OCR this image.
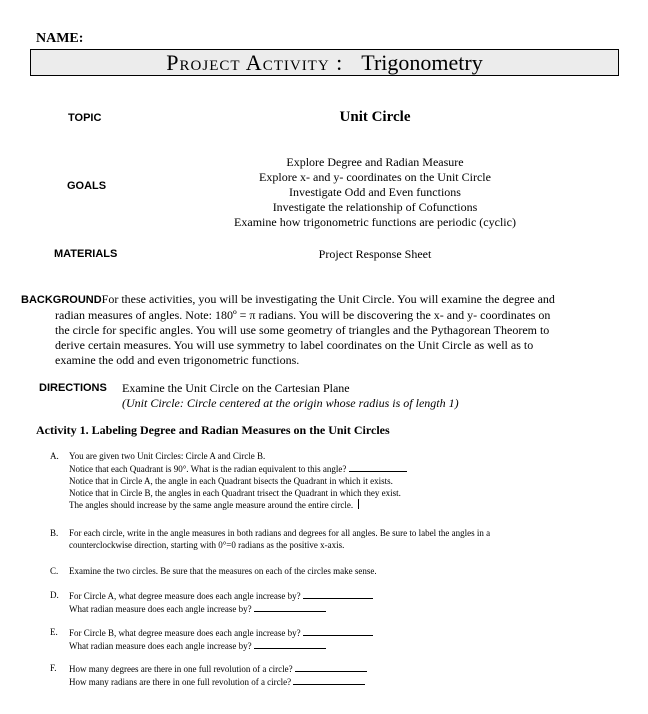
NAME:
Project Activity : Trigonometry
TOPIC	Unit Circle
GOALS
Explore Degree and Radian Measure
Explore x- and y- coordinates on the Unit Circle
Investigate Odd and Even functions
Investigate the relationship of Cofunctions
Examine how trigonometric functions are periodic (cyclic)
MATERIALS	Project Response Sheet
BACKGROUNDFor these activities, you will be investigating the Unit Circle. You will examine the degree and
radian measures of angles. Note: 180º = π radians. You will be discovering the x- and y- coordinates on
the circle for specific angles. You will use some geometry of triangles and the Pythagorean Theorem to
derive certain measures. You will use symmetry to label coordinates on the Unit Circle as well as to
examine the odd and even trigonometric functions.
DIRECTIONS Examine the Unit Circle on the Cartesian Plane
(Unit Circle: Circle centered at the origin whose radius is of length 1)
Activity 1. Labeling Degree and Radian Measures on the Unit Circles
A. You are given two Unit Circles: Circle A and Circle B.
Notice that each Quadrant is 90°. What is the radian equivalent to this angle?
Notice that in Circle A, the angle in each Quadrant bisects the Quadrant in which it exists.
Notice that in Circle B, the angles in each Quadrant trisect the Quadrant in which they exist.
The angles should increase by the same angle measure around the entire circle.
B. For each circle, write in the angle measures in both radians and degrees for all angles. Be sure to label the angles in a
counterclockwise direction, starting with 0°=0 radians as the positive x-axis.
C. Examine the two circles. Be sure that the measures on each of the circles make sense.
D. For Circle A, what degree measure does each angle increase by?
What radian measure does each angle increase by?
E. For Circle B, what degree measure does each angle increase by?
What radian measure does each angle increase by?
F. How many degrees are there in one full revolution of a circle?
How many radians are there in one full revolution of a circle?
